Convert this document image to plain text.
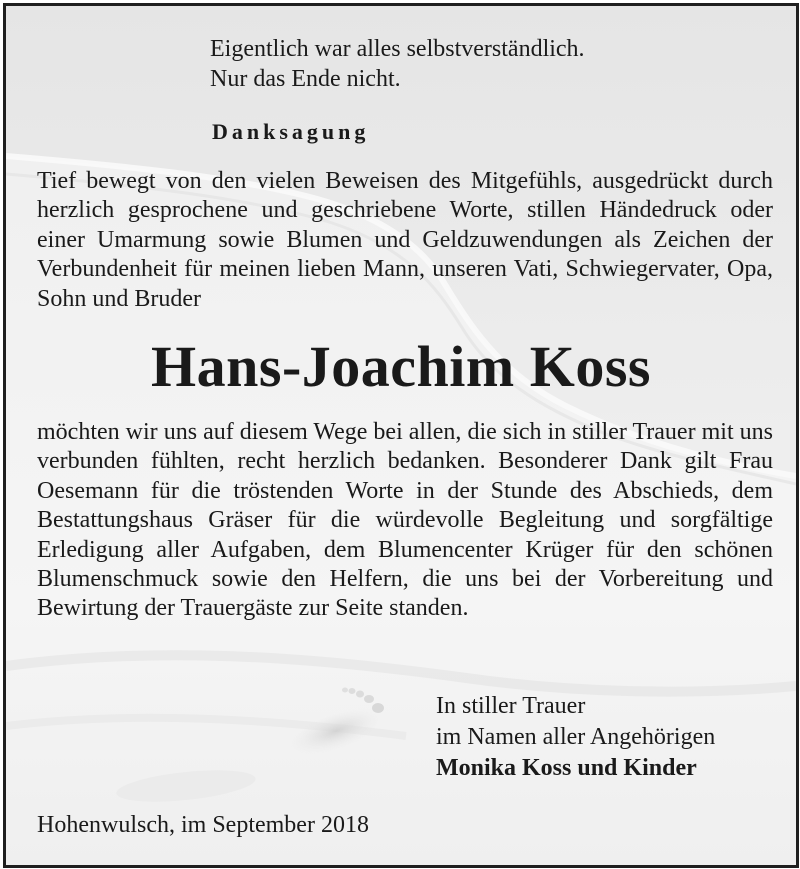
Eigentlich war alles selbstverständlich.
Nur das Ende nicht.
Danksagung
Tief bewegt von den vielen Beweisen des Mitgefühls, ausgedrückt durch herzlich gesprochene und geschriebene Worte, stillen Händedruck oder einer Umarmung sowie Blumen und Geldzuwendungen als Zeichen der Verbundenheit für meinen lieben Mann, unseren Vati, Schwiegervater, Opa, Sohn und Bruder
Hans-Joachim Koss
möchten wir uns auf diesem Wege bei allen, die sich in stiller Trauer mit uns verbunden fühlten, recht herzlich bedanken. Besonderer Dank gilt Frau Oesemann für die tröstenden Worte in der Stunde des Abschieds, dem Bestattungshaus Gräser für die würdevolle Begleitung und sorgfältige Erledigung aller Aufgaben, dem Blumencenter Krüger für den schönen Blumenschmuck sowie den Helfern, die uns bei der Vorbereitung und Bewirtung der Trauergäste zur Seite standen.
In stiller Trauer
im Namen aller Angehörigen
Monika Koss und Kinder
Hohenwulsch, im September 2018
